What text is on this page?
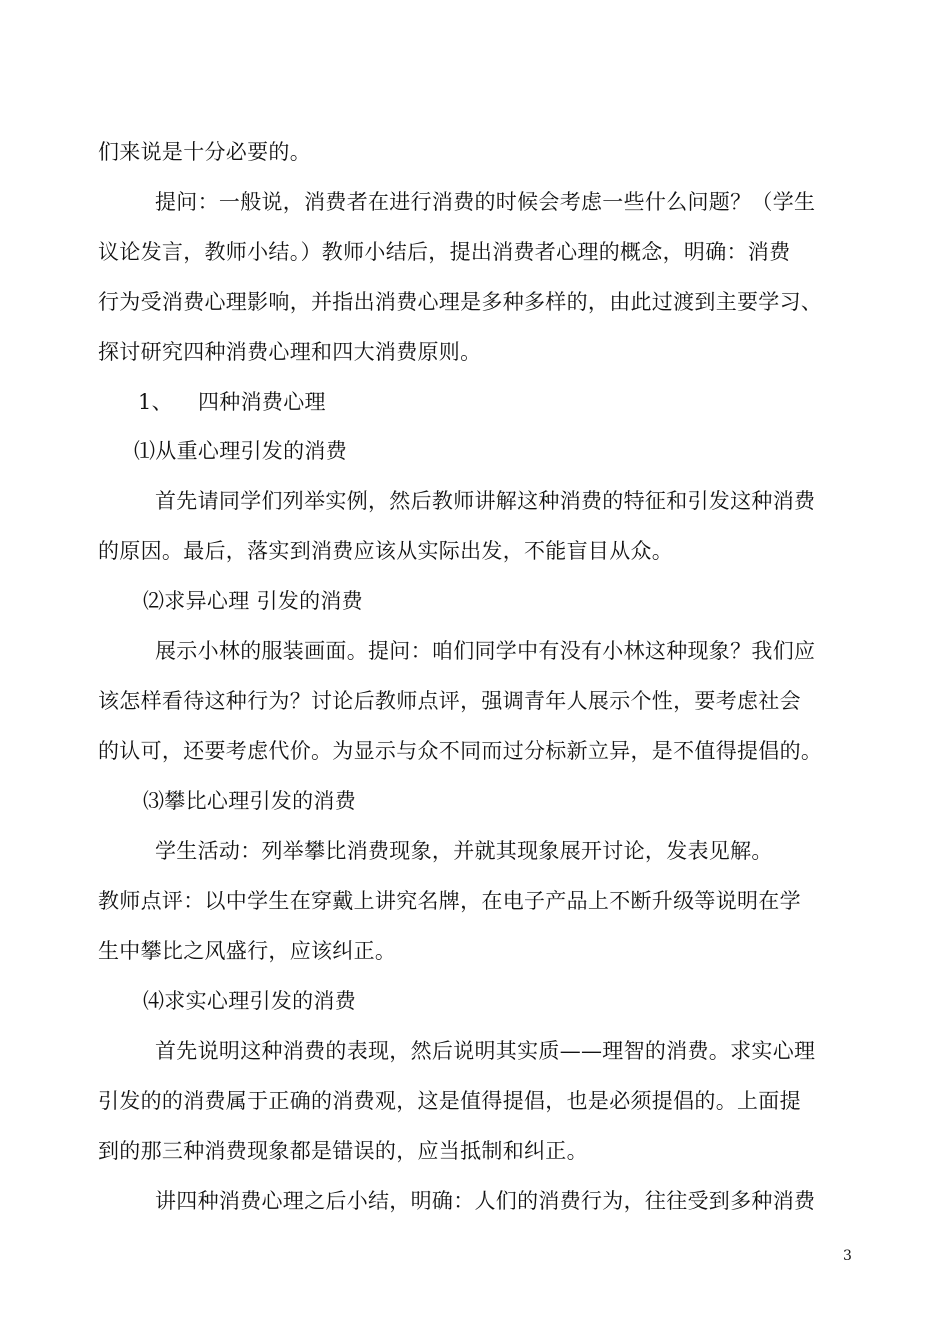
们来说是十分必要的。
提问：一般说，消费者在进行消费的时候会考虑一些什么问题？（学生
议论发言，教师小结。）教师小结后，提出消费者心理的概念，明确：消费
行为受消费心理影响，并指出消费心理是多种多样的，由此过渡到主要学习、
探讨研究四种消费心理和四大消费原则。
1、 四种消费心理
⑴从重心理引发的消费
首先请同学们列举实例，然后教师讲解这种消费的特征和引发这种消费
的原因。最后，落实到消费应该从实际出发，不能盲目从众。
⑵求异心理 引发的消费
展示小林的服装画面。提问：咱们同学中有没有小林这种现象？我们应
该怎样看待这种行为？讨论后教师点评，强调青年人展示个性，要考虑社会
的认可，还要考虑代价。为显示与众不同而过分标新立异，是不值得提倡的。
⑶攀比心理引发的消费
学生活动：列举攀比消费现象，并就其现象展开讨论，发表见解。
教师点评：以中学生在穿戴上讲究名牌，在电子产品上不断升级等说明在学
生中攀比之风盛行，应该纠正。
⑷求实心理引发的消费
首先说明这种消费的表现，然后说明其实质——理智的消费。求实心理
引发的的消费属于正确的消费观，这是值得提倡，也是必须提倡的。上面提
到的那三种消费现象都是错误的，应当抵制和纠正。
讲四种消费心理之后小结，明确：人们的消费行为，往往受到多种消费
3
